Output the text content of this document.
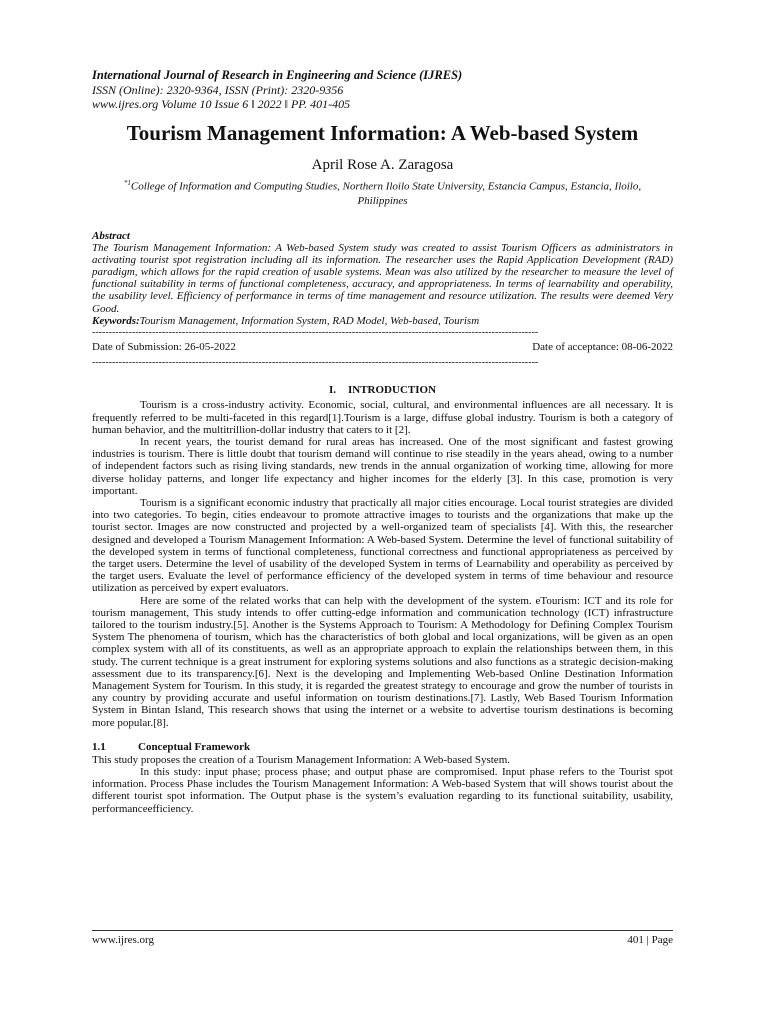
International Journal of Research in Engineering and Science (IJRES)

ISSN (Online): 2320-9364, ISSN (Print): 2320-9356

www.ijres.org Volume 10 Issue 6 ǁ 2022 ǁ PP. 401-405

Tourism Management Information: A Web-based System

April Rose A. Zaragosa

$^{*1}$College of Information and Computing Studies, Northern Iloilo State University, Estancia Campus, Estancia, Iloilo, Philippines

Abstract

The Tourism Management Information: A Web-based System study was created to assist Tourism Officers as administrators in activating tourist spot registration including all its information. The researcher uses the Rapid Application Development (RAD) paradigm, which allows for the rapid creation of usable systems. Mean was also utilized by the researcher to measure the level of functional suitability in terms of functional completeness, accuracy, and appropriateness. In terms of learnability and operability, the usability level. Efficiency of performance in terms of time management and resource utilization. The results were deemed Very Good.

Keywords:Tourism Management, Information System, RAD Model, Web-based, Tourism

--------------------------------------------------------------------------------------------------------------------------------------
Date of Submission: 26-05-2022	Date of acceptance: 08-06-2022
--------------------------------------------------------------------------------------------------------------------------------------
I. INTRODUCTION

Tourism is a cross-industry activity. Economic, social, cultural, and environmental influences are all necessary. It is frequently referred to be multi-faceted in this regard[1].Tourism is a large, diffuse global industry. Tourism is both a category of human behavior, and the multitrillion-dollar industry that caters to it [2].

In recent years, the tourist demand for rural areas has increased. One of the most significant and fastest growing industries is tourism. There is little doubt that tourism demand will continue to rise steadily in the years ahead, owing to a number of independent factors such as rising living standards, new trends in the annual organization of working time, allowing for more diverse holiday patterns, and longer life expectancy and higher incomes for the elderly [3]. In this case, promotion is very important.

Tourism is a significant economic industry that practically all major cities encourage. Local tourist strategies are divided into two categories. To begin, cities endeavour to promote attractive images to tourists and the organizations that make up the tourist sector. Images are now constructed and projected by a well-organized team of specialists [4]. With this, the researcher designed and developed a Tourism Management Information: A Web-based System. Determine the level of functional suitability of the developed system in terms of functional completeness, functional correctness and functional appropriateness as perceived by the target users. Determine the level of usability of the developed System in terms of Learnability and operability as perceived by the target users. Evaluate the level of performance efficiency of the developed system in terms of time behaviour and resource utilization as perceived by expert evaluators.

Here are some of the related works that can help with the development of the system. eTourism: ICT and its role for tourism management, This study intends to offer cutting-edge information and communication technology (ICT) infrastructure tailored to the tourism industry.[5]. Another is the Systems Approach to Tourism: A Methodology for Defining Complex Tourism System The phenomena of tourism, which has the characteristics of both global and local organizations, will be given as an open complex system with all of its constituents, as well as an appropriate approach to explain the relationships between them, in this study. The current technique is a great instrument for exploring systems solutions and also functions as a strategic decision-making assessment due to its transparency.[6]. Next is the developing and Implementing Web-based Online Destination Information Management System for Tourism. In this study, it is regarded the greatest strategy to encourage and grow the number of tourists in any country by providing accurate and useful information on tourism destinations.[7]. Lastly, Web Based Tourism Information System in Bintan Island, This research shows that using the internet or a website to advertise tourism destinations is becoming more popular.[8].

1.1	Conceptual Framework

This study proposes the creation of a Tourism Management Information: A Web-based System.

In this study: input phase; process phase; and output phase are compromised. Input phase refers to the Tourist spot information. Process Phase includes the Tourism Management Information: A Web-based System that will shows tourist about the different tourist spot information. The Output phase is the system’s evaluation regarding to its functional suitability, usability, performanceefficiency.

www.ijres.org	401 | Page
